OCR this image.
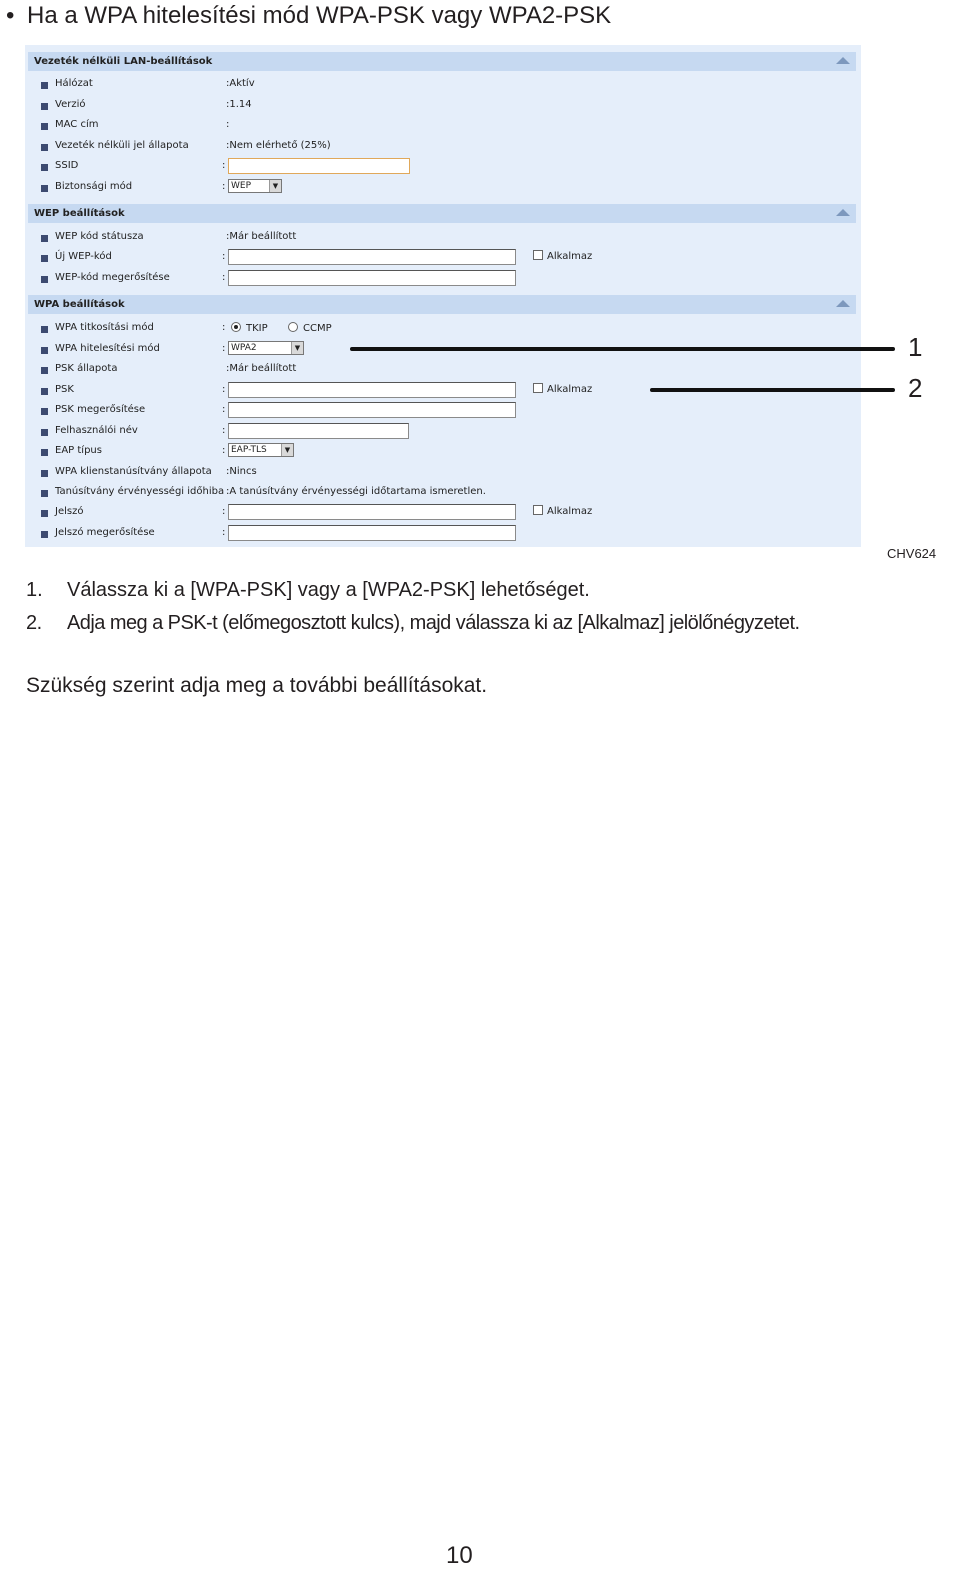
• Ha a WPA hitelesítési mód WPA-PSK vagy WPA2-PSK
Vezeték nélküli LAN-beállítások
Hálózat	:Aktív
Verzió	:1.14
MAC cím	:
Vezeték nélküli jel állapota	:Nem elérhető (25%)
SSID	:
Biztonsági mód	: WEP	▼
WEP beállítások
WEP kód státusza	:Már beállított
Új WEP-kód	:	Alkalmaz
WEP-kód megerősítése	:
WPA beállítások
WPA titkosítási mód	:	TKIP	CCMP
WPA hitelesítési mód	: WPA2	▼
PSK állapota	:Már beállított
PSK	:	Alkalmaz
PSK megerősítése	:
Felhasználói név	:
EAP típus	: EAP-TLS	▼
WPA klienstanúsítvány állapota :Nincs
Tanúsítvány érvényességi időhiba :A tanúsítvány érvényességi időtartama ismeretlen.
Jelszó	:	Alkalmaz
Jelszó megerősítése	:
1
2
CHV624
1. Válassza ki a [WPA-PSK] vagy a [WPA2-PSK] lehetőséget.
2. Adja meg a PSK-t (előmegosztott kulcs), majd válassza ki az [Alkalmaz] jelölőnégyzetet.
Szükség szerint adja meg a további beállításokat.
10
